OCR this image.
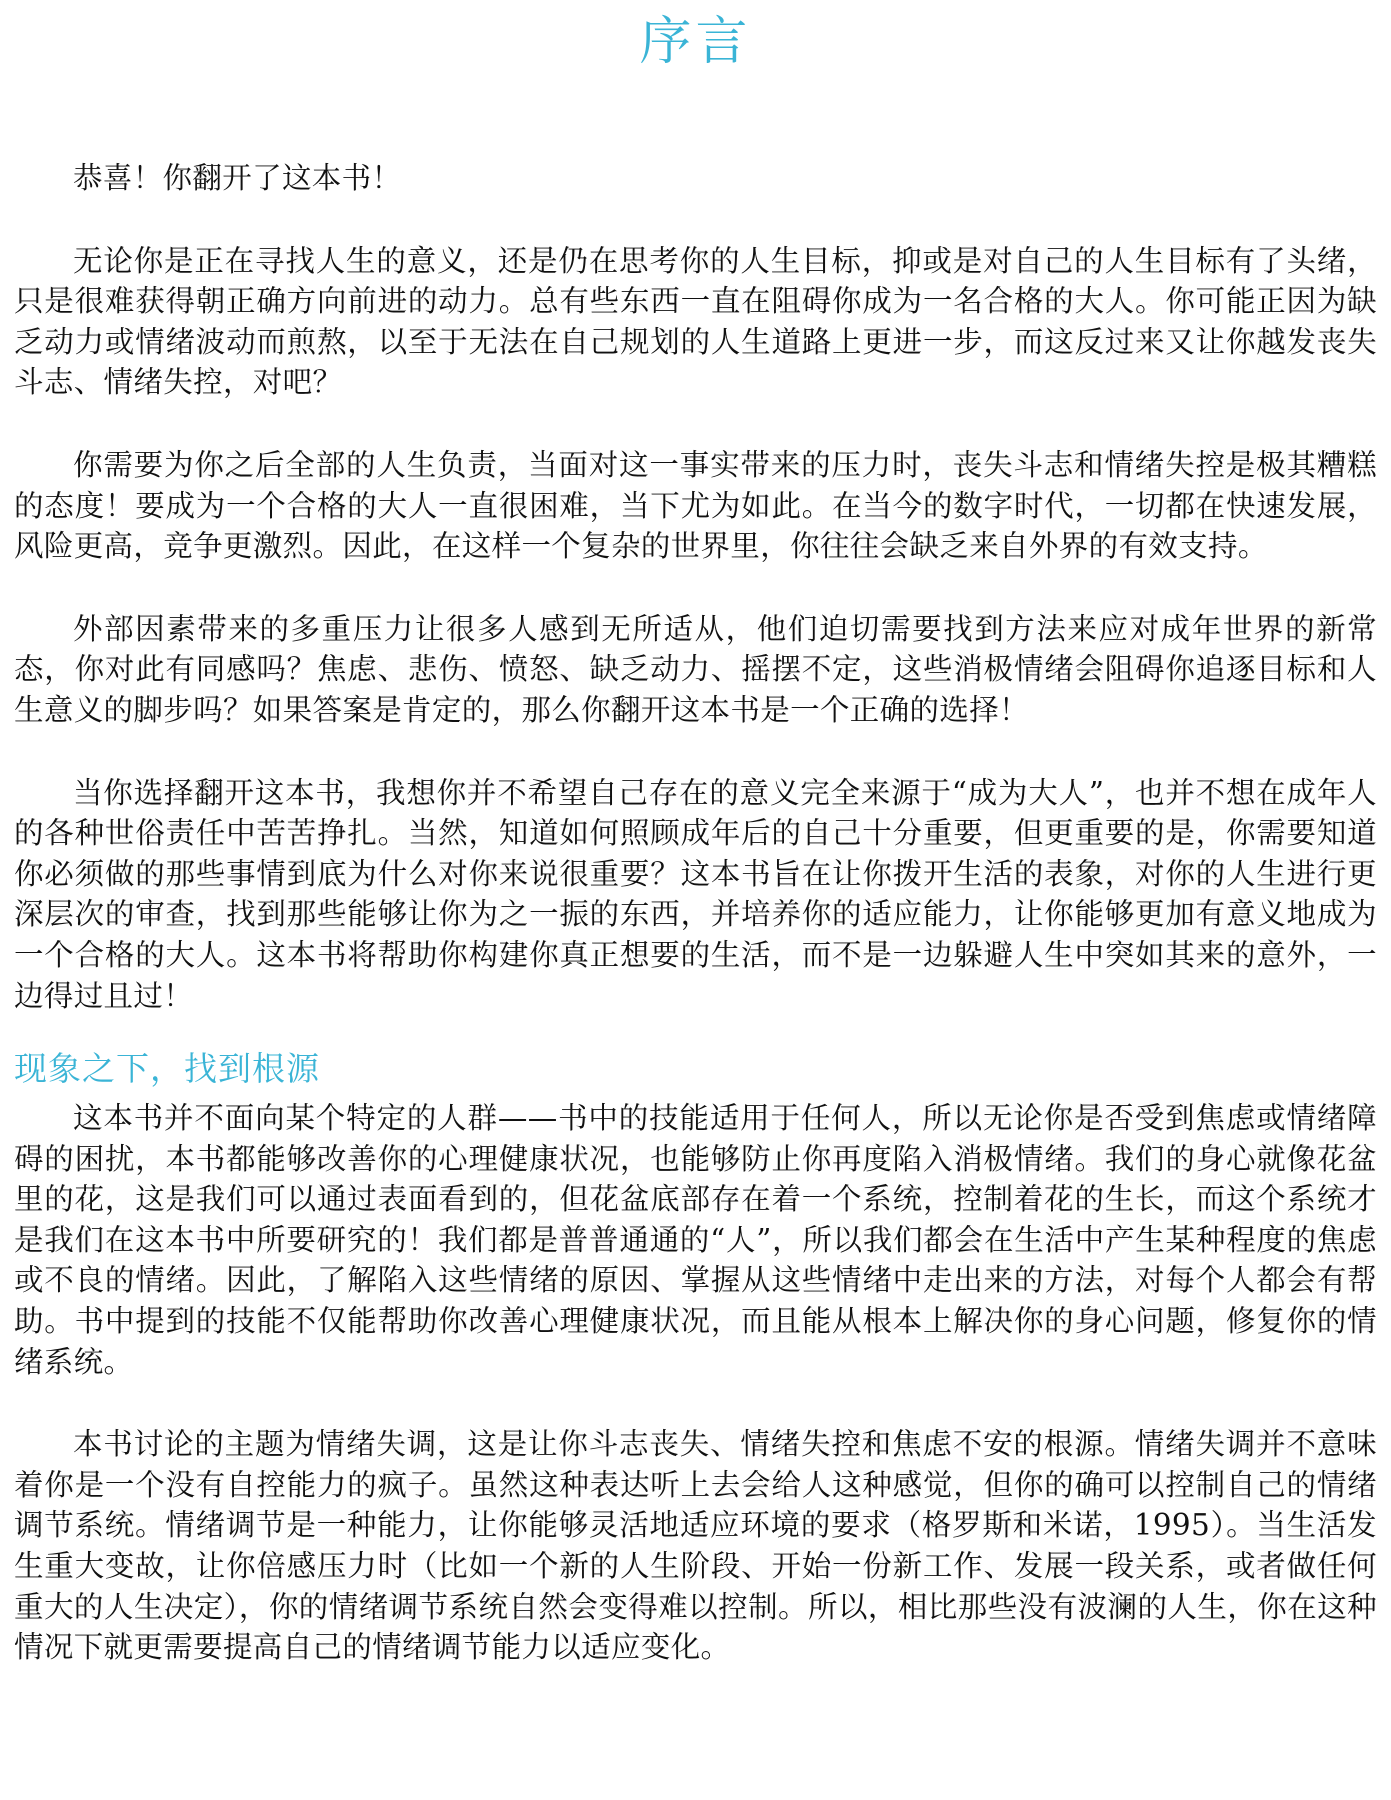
序言

恭喜！你翻开了这本书！

无论你是正在寻找人生的意义，还是仍在思考你的人生目标，抑或是对自己的人生目标有了头绪，只是很难获得朝正确方向前进的动力。总有些东西一直在阻碍你成为一名合格的大人。你可能正因为缺乏动力或情绪波动而煎熬，以至于无法在自己规划的人生道路上更进一步，而这反过来又让你越发丧失斗志、情绪失控，对吧？

你需要为你之后全部的人生负责，当面对这一事实带来的压力时，丧失斗志和情绪失控是极其糟糕的态度！要成为一个合格的大人一直很困难，当下尤为如此。在当今的数字时代，一切都在快速发展，风险更高，竞争更激烈。因此，在这样一个复杂的世界里，你往往会缺乏来自外界的有效支持。

外部因素带来的多重压力让很多人感到无所适从，他们迫切需要找到方法来应对成年世界的新常态，你对此有同感吗？焦虑、悲伤、愤怒、缺乏动力、摇摆不定，这些消极情绪会阻碍你追逐目标和人生意义的脚步吗？如果答案是肯定的，那么你翻开这本书是一个正确的选择！

当你选择翻开这本书，我想你并不希望自己存在的意义完全来源于“成为大人”，也并不想在成年人的各种世俗责任中苦苦挣扎。当然，知道如何照顾成年后的自己十分重要，但更重要的是，你需要知道你必须做的那些事情到底为什么对你来说很重要？这本书旨在让你拨开生活的表象，对你的人生进行更深层次的审查，找到那些能够让你为之一振的东西，并培养你的适应能力，让你能够更加有意义地成为一个合格的大人。这本书将帮助你构建你真正想要的生活，而不是一边躲避人生中突如其来的意外，一边得过且过！

现象之下，找到根源

这本书并不面向某个特定的人群——书中的技能适用于任何人，所以无论你是否受到焦虑或情绪障碍的困扰，本书都能够改善你的心理健康状况，也能够防止你再度陷入消极情绪。我们的身心就像花盆里的花，这是我们可以通过表面看到的，但花盆底部存在着一个系统，控制着花的生长，而这个系统才是我们在这本书中所要研究的！我们都是普普通通的“人”，所以我们都会在生活中产生某种程度的焦虑或不良的情绪。因此，了解陷入这些情绪的原因、掌握从这些情绪中走出来的方法，对每个人都会有帮助。书中提到的技能不仅能帮助你改善心理健康状况，而且能从根本上解决你的身心问题，修复你的情绪系统。

本书讨论的主题为情绪失调，这是让你斗志丧失、情绪失控和焦虑不安的根源。情绪失调并不意味着你是一个没有自控能力的疯子。虽然这种表达听上去会给人这种感觉，但你的确可以控制自己的情绪调节系统。情绪调节是一种能力，让你能够灵活地适应环境的要求（格罗斯和米诺，1995）。当生活发生重大变故，让你倍感压力时（比如一个新的人生阶段、开始一份新工作、发展一段关系，或者做任何重大的人生决定），你的情绪调节系统自然会变得难以控制。所以，相比那些没有波澜的人生，你在这种情况下就更需要提高自己的情绪调节能力以适应变化。
